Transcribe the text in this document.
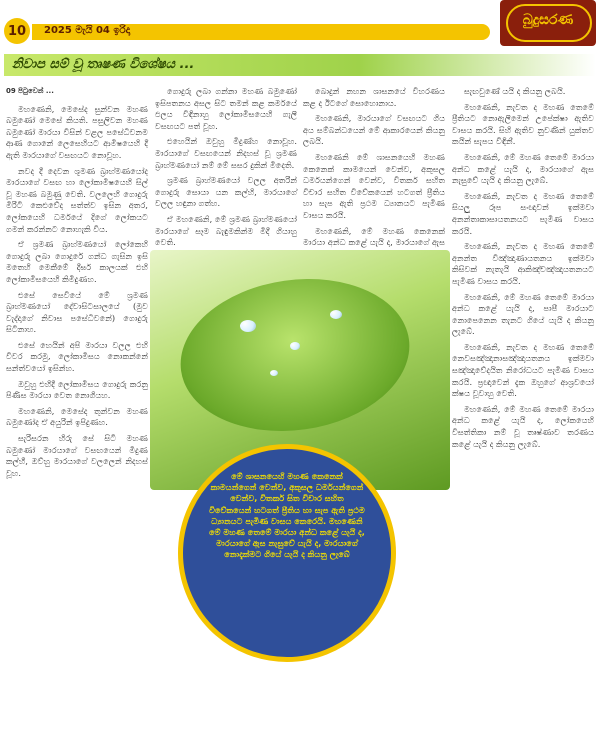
10	2025 මැයි 04 ඉරිදා
බුදුසරණ
නිවාප සම් වූ තෘෂණ විශේෂය ...

09 පිටුවෙන් ...

මහණෙනි, මෙසේද සුන්වන මහණ බමුණෝ මෙසේ කියති. පසුලිවන මහණ බමුණෝ මාරයා විසින් වළල පසේධිවනම ආණ ගොනේ ලෙසෙහියට ආමිෂයෙහි දී ඇති මාරයාගේ වසඟයට නොවූහ.

නවද දී දෙවන ශුමණ බ්‍රාහ්මණයෝද මාරයාගේ වසඟ හා ලෝකාමිෂයෙහි සිල් වූ මහණ බමුණු වෙති. වලලෙහි ගොදුරු මිරිටි කෙළුවේද සත්ත්ව ඉසින අතර, ලෝකයෙහි ධර්මයේ දිගේ ලෝකයට ගමන් කරන්නට නොහැකි විය.

ඒ ශ්‍රමණ බ්‍රාහ්මණයෝ ලෝකෙහි ගොදුරු ලබා ගොදුරේ ගන්ධ ගැසින ඉසි මතෙහි මෙකීමේ දීර්ඝ කාලයක් එහි ලෝකාමිසයෙහි කිමිදුණහ.

එසේ සෙවියේ මේ ශ්‍රමණ බ්‍රාහ්මණයෝ දේවාසිටසාලයේ (මුව වැද්දාගේ නිවාස පසේධිවනේ) ගොදුරු සිටිනාහ.

එසේ හෙයින් අපි මාරයා වලල එහි විවර කරමු, ලෝකාමිසය නොකන්නේ සන්ත්වයෝ ඉසින්හ.

ඔවුහු එහිදී ලෝකාමිසය ගොදුරු කරනු පිණිස මාරයා වෙත නොගියහ.

මහණෙනි, මෙසේද තුන්වන මහණ බමුණෝද ඒ අයුරින් ඉපිදුණහ.

සැරිසරන හිරු සේ සිටි මහණ බමුණෝ මාරයාගේ වසඟයෙන් මිදුණ කල්හී, ඔව්හු මාරයාගේ වලලෙන් නිදහස් වූහ.

ගොදුරු ලබා ගන්නා මහණ බමුණෝ ඉසිපතනය අසල සිට තමන් කළ කර්මයේ ඵලය විඳිනාහු ලෝකාමිසයෙහි ගැලී වසඟයට පත් වූහ.

එහෙයින් ඔවුහු මිදුණ්හ නොවූහ. මාරයාගේ වසඟයෙන් නිදහස් වූ ශ්‍රමණ බ්‍රාහ්මණයෝ නම් මේ සසර දුකින් මිදෙති.

ශ්‍රමණ බ්‍රාහ්මණයෝ වලල අතරින් ගොදුරු සොයා යන කල්හි, මාරයාගේ වලල හඳුනා ගත්හ.

ඒ මහණෙනි, මේ ශ්‍රමණ බ්‍රාහ්මණයෝ මාරයාගේ සෑම බැඳුමකින්ම මිදී ගියාහු වෙති.

බොදුන් නහන ශාසනයේ විහරණය කළ ද ඊටගේ සොහොනාය.

මහණෙනි, මාරයාගේ වසඟයට ගිය අය සම්බන්ධයෙන් මේ ආකාරයෙන් කියනු ලබයි.

මහණෙනි මේ ශාසනයෙහි මහණ කෙනෙක් කාමයෙන් වෙන්ව, අකුසල ධර්මයන්ගෙන් වෙන්ව, විතර්ක සහිත විචාර සහිත විවේකයෙන් හටගත් ප්‍රීතිය හා සැප ඇති ප්‍රථම ධ්‍යානයට පැමිණ වාසය කරයි.

මහණෙනි, මේ මහණ කෙනෙක් මාරයා අන්ධ කළේ යැයි ද, මාරයාගේ ඇස

සැඟවුණේ යයි ද කියනු ලබයි.

මහණෙනි, නැවත ද මහණ තෙමේ ප්‍රීතියට නොඇලීමෙන් උපේක්ෂා ඇතිව වාසය කරයි. සිහි ඇතිව නුවණින් යුක්තව කයින් සැපය විඳිනී.

මහණෙනි, මේ මහණ තෙමේ මාරයා අන්ධ කළේ යැයි ද, මාරයාගේ ඇස නැසුවේ යැයි ද කියනු ලැබේ.

මහණෙනි, නැවත ද මහණ තෙමේ සියලු රූප සංඥාවන් ඉක්මවා අනන්තාකාසායතනයට පැමිණ වාසය කරයි.

මහණෙනි, නැවත ද මහණ තෙමේ අනන්ත විඤ්ඤාණායතනය ඉක්මවා කිසිවක් නැතැයි ආකිඤ්චඤ්ඤායතනයට පැමිණ වාසය කරයි.

මහණෙනි, මේ මහණ තෙමේ මාරයා අන්ධ කළේ යැයි ද, පාපී මාරයාට නොපෙනෙන තැනට ගියේ යැයි ද කියනු ලැබේ.

මහණෙනි, නැවත ද මහණ තෙමේ නෙවසඤ්ඤානාසඤ්ඤායතනය ඉක්මවා සඤ්ඤාවේදයිත නිරෝධයට පැමිණ වාසය කරයි. ප්‍රඥාවෙන් දැක ඔහුගේ ආශ්‍රවයෝ ක්ෂය වූවාහු වෙති.

මහණෙනි, මේ මහණ තෙමේ මාරයා අන්ධ කළේ යැයි ද, ලෝකයෙහි විසත්තිකා නම් වූ තෘෂ්ණාව තරණය කළේ යැයි ද කියනු ලැබේ.

මේ ශාසනයෙහි මහණ කෙනෙක් කාමයන්ගෙන් වෙන්ව, අකුසල ධර්මයන්ගෙන් වෙන්ව, විතර්ක සිත විචාර සහිත විවේකයෙන් හටගත් ප්‍රීතිය හා සැප ඇති ප්‍රථම ධ්‍යානයට පැමිණ වාසය කෙරෙයි. මහණෙනි මේ මහණ තෙමේ මාරයා අන්ධ කළේ යැයි ද, මාරයාගේ ඇස නැසුවේ යැයි ද, මාරයාගේ නොදැක්මට ගියේ යැයි ද කියනු ලැබේ
